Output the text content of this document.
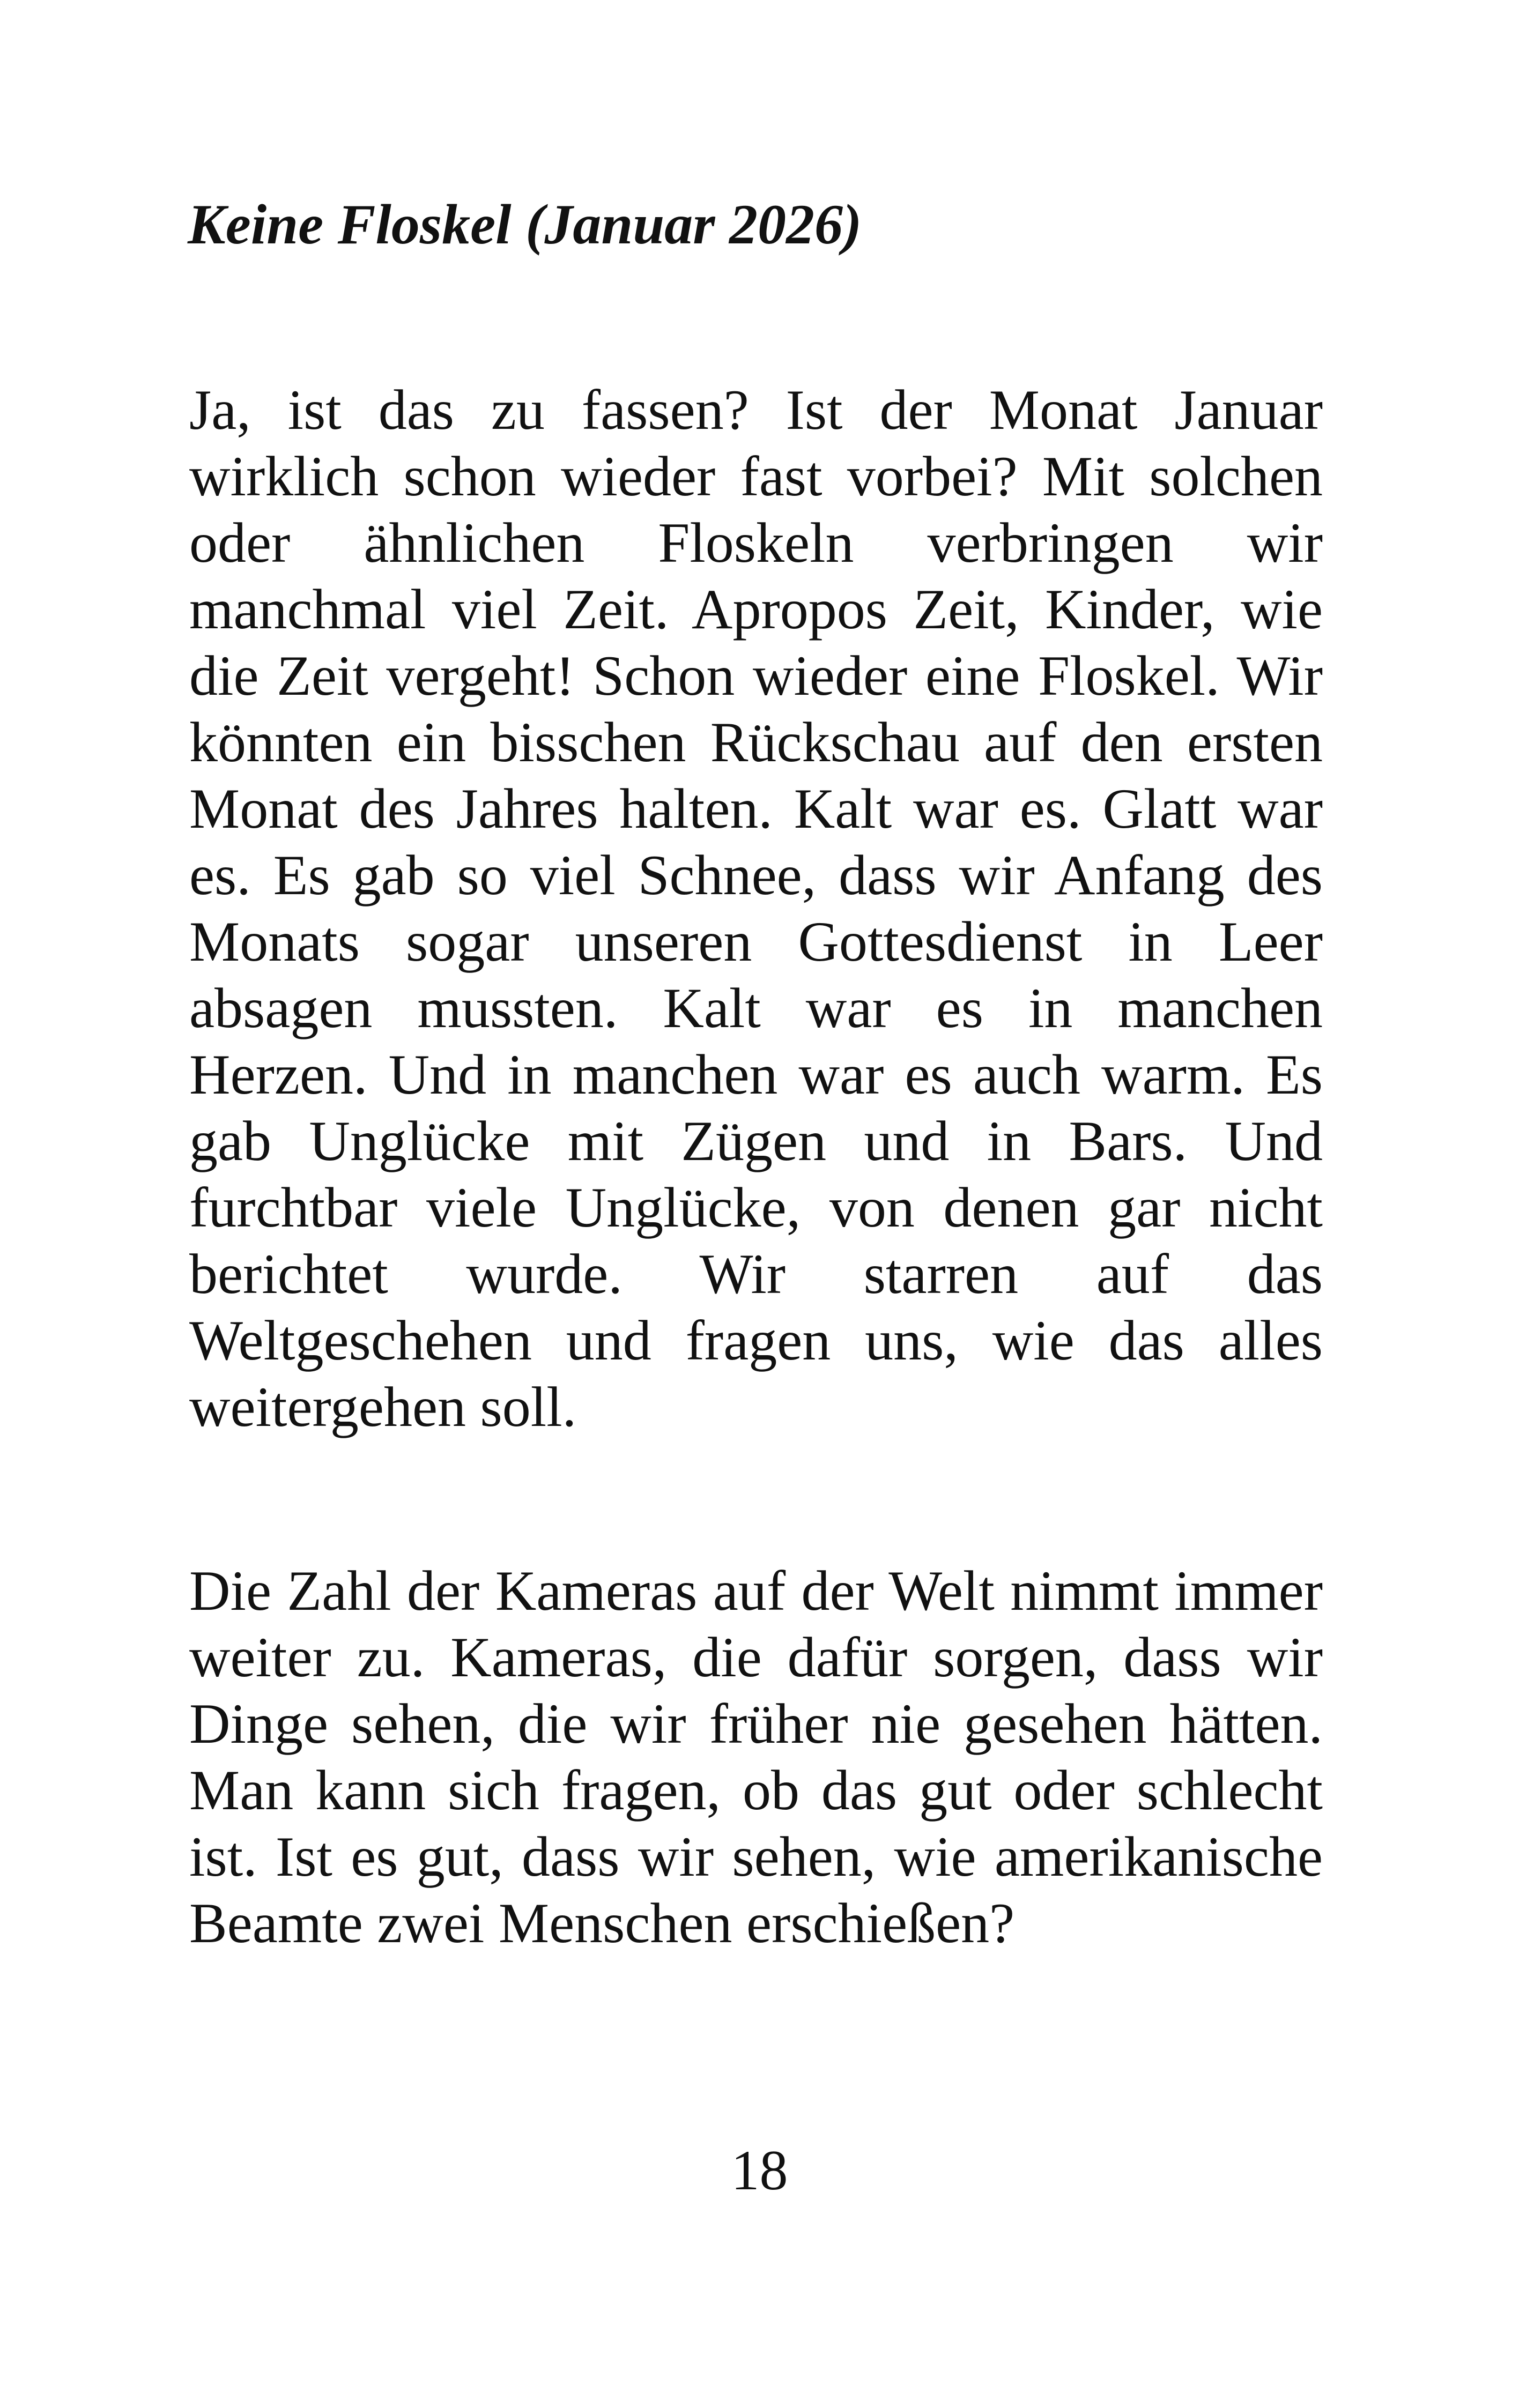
Keine Floskel (Januar 2026)

Ja, ist das zu fassen? Ist der Monat Januar wirklich schon wieder fast vorbei? Mit solchen oder ähnlichen Floskeln verbringen wir manchmal viel Zeit. Apropos Zeit, Kinder, wie die Zeit vergeht! Schon wieder eine Floskel. Wir könnten ein bisschen Rückschau auf den ersten Monat des Jahres halten. Kalt war es. Glatt war es. Es gab so viel Schnee, dass wir Anfang des Monats sogar unseren Gottesdienst in Leer absagen mussten. Kalt war es in manchen Herzen. Und in manchen war es auch warm. Es gab Unglücke mit Zügen und in Bars. Und furchtbar viele Unglücke, von denen gar nicht berichtet wurde. Wir starren auf das Weltgeschehen und fragen uns, wie das alles weitergehen soll.

Die Zahl der Kameras auf der Welt nimmt immer weiter zu. Kameras, die dafür sorgen, dass wir Dinge sehen, die wir früher nie gesehen hätten. Man kann sich fragen, ob das gut oder schlecht ist. Ist es gut, dass wir sehen, wie amerikanische Beamte zwei Menschen erschießen?

18
